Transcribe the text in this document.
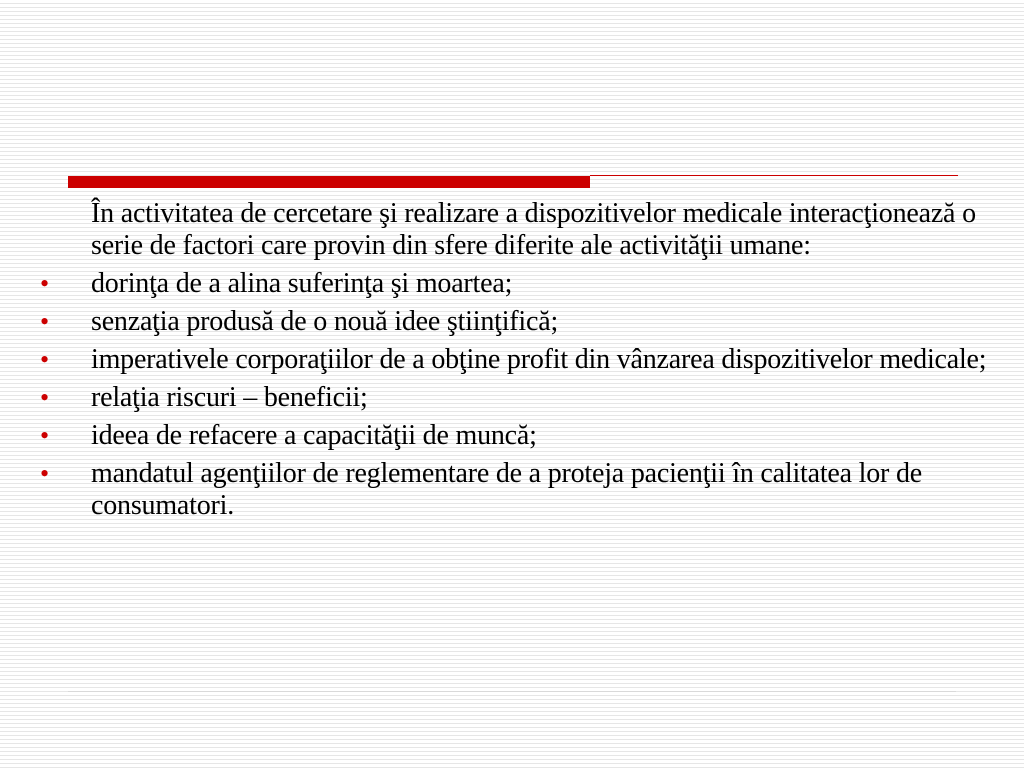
În activitatea de cercetare şi realizare a dispozitivelor medicale interacţionează o serie de factori care provin din sfere diferite ale activităţii umane:

•	dorinţa de a alina suferinţa şi moartea;
•	senzaţia produsă de o nouă idee ştiinţifică;
•	imperativele corporaţiilor de a obţine profit din vânzarea dispozitivelor medicale;
•	relaţia riscuri – beneficii;
•	ideea de refacere a capacităţii de muncă;
•	mandatul agenţiilor de reglementare de a proteja pacienţii în calitatea lor de consumatori.
